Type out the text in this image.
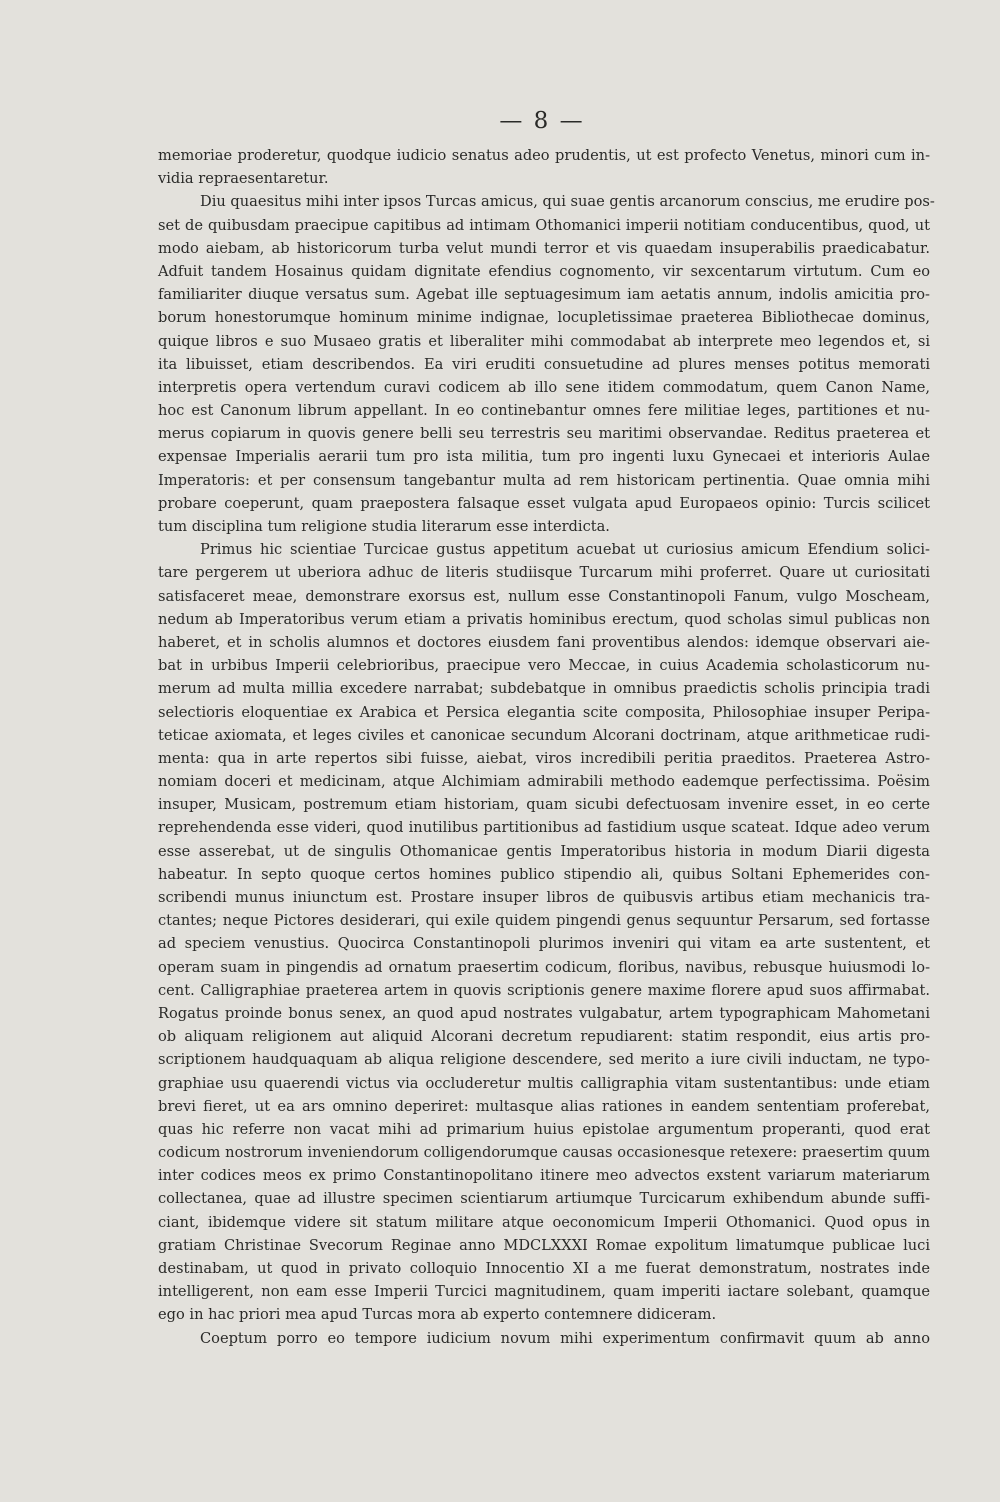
— 8 —
memoriae proderetur, quodque iudicio senatus adeo prudentis, ut est profecto Venetus, minori cum in-
vidia repraesentaretur.
Diu quaesitus mihi inter ipsos Turcas amicus, qui suae gentis arcanorum conscius, me erudire pos-
set de quibusdam praecipue capitibus ad intimam Othomanici imperii notitiam conducentibus, quod, ut
modo aiebam, ab historicorum turba velut mundi terror et vis quaedam insuperabilis praedicabatur.
Adfuit tandem Hosainus quidam dignitate efendius cognomento, vir sexcentarum virtutum. Cum eo
familiariter diuque versatus sum. Agebat ille septuagesimum iam aetatis annum, indolis amicitia pro-
borum honestorumque hominum minime indignae, locupletissimae praeterea Bibliothecae dominus,
quique libros e suo Musaeo gratis et liberaliter mihi commodabat ab interprete meo legendos et, si
ita libuisset, etiam describendos. Ea viri eruditi consuetudine ad plures menses potitus memorati
interpretis opera vertendum curavi codicem ab illo sene itidem commodatum, quem Canon Name,
hoc est Canonum librum appellant. In eo continebantur omnes fere militiae leges, partitiones et nu-
merus copiarum in quovis genere belli seu terrestris seu maritimi observandae. Reditus praeterea et
expensae Imperialis aerarii tum pro ista militia, tum pro ingenti luxu Gynecaei et interioris Aulae
Imperatoris: et per consensum tangebantur multa ad rem historicam pertinentia. Quae omnia mihi
probare coeperunt, quam praepostera falsaque esset vulgata apud Europaeos opinio: Turcis scilicet
tum disciplina tum religione studia literarum esse interdicta.
Primus hic scientiae Turcicae gustus appetitum acuebat ut curiosius amicum Efendium solici-
tare pergerem ut uberiora adhuc de literis studiisque Turcarum mihi proferret. Quare ut curiositati
satisfaceret meae, demonstrare exorsus est, nullum esse Constantinopoli Fanum, vulgo Moscheam,
nedum ab Imperatoribus verum etiam a privatis hominibus erectum, quod scholas simul publicas non
haberet, et in scholis alumnos et doctores eiusdem fani proventibus alendos: idemque observari aie-
bat in urbibus Imperii celebrioribus, praecipue vero Meccae, in cuius Academia scholasticorum nu-
merum ad multa millia excedere narrabat; subdebatque in omnibus praedictis scholis principia tradi
selectioris eloquentiae ex Arabica et Persica elegantia scite composita, Philosophiae insuper Peripa-
teticae axiomata, et leges civiles et canonicae secundum Alcorani doctrinam, atque arithmeticae rudi-
menta: qua in arte repertos sibi fuisse, aiebat, viros incredibili peritia praeditos. Praeterea Astro-
nomiam doceri et medicinam, atque Alchimiam admirabili methodo eademque perfectissima. Poësim
insuper, Musicam, postremum etiam historiam, quam sicubi defectuosam invenire esset, in eo certe
reprehendenda esse videri, quod inutilibus partitionibus ad fastidium usque scateat. Idque adeo verum
esse asserebat, ut de singulis Othomanicae gentis Imperatoribus historia in modum Diarii digesta
habeatur. In septo quoque certos homines publico stipendio ali, quibus Soltani Ephemerides con-
scribendi munus iniunctum est. Prostare insuper libros de quibusvis artibus etiam mechanicis tra-
ctantes; neque Pictores desiderari, qui exile quidem pingendi genus sequuntur Persarum, sed fortasse
ad speciem venustius. Quocirca Constantinopoli plurimos inveniri qui vitam ea arte sustentent, et
operam suam in pingendis ad ornatum praesertim codicum, floribus, navibus, rebusque huiusmodi lo-
cent. Calligraphiae praeterea artem in quovis scriptionis genere maxime florere apud suos affirmabat.
Rogatus proinde bonus senex, an quod apud nostrates vulgabatur, artem typographicam Mahometani
ob aliquam religionem aut aliquid Alcorani decretum repudiarent: statim respondit, eius artis pro-
scriptionem haudquaquam ab aliqua religione descendere, sed merito a iure civili inductam, ne typo-
graphiae usu quaerendi victus via occluderetur multis calligraphia vitam sustentantibus: unde etiam
brevi fieret, ut ea ars omnino deperiret: multasque alias rationes in eandem sententiam proferebat,
quas hic referre non vacat mihi ad primarium huius epistolae argumentum properanti, quod erat
codicum nostrorum inveniendorum colligendorumque causas occasionesque retexere: praesertim quum
inter codices meos ex primo Constantinopolitano itinere meo advectos exstent variarum materiarum
collectanea, quae ad illustre specimen scientiarum artiumque Turcicarum exhibendum abunde suffi-
ciant, ibidemque videre sit statum militare atque oeconomicum Imperii Othomanici. Quod opus in
gratiam Christinae Svecorum Reginae anno MDCLXXXI Romae expolitum limatumque publicae luci
destinabam, ut quod in privato colloquio Innocentio XI a me fuerat demonstratum, nostrates inde
intelligerent, non eam esse Imperii Turcici magnitudinem, quam imperiti iactare solebant, quamque
ego in hac priori mea apud Turcas mora ab experto contemnere didiceram.
Coeptum porro eo tempore iudicium novum mihi experimentum confirmavit quum ab anno
